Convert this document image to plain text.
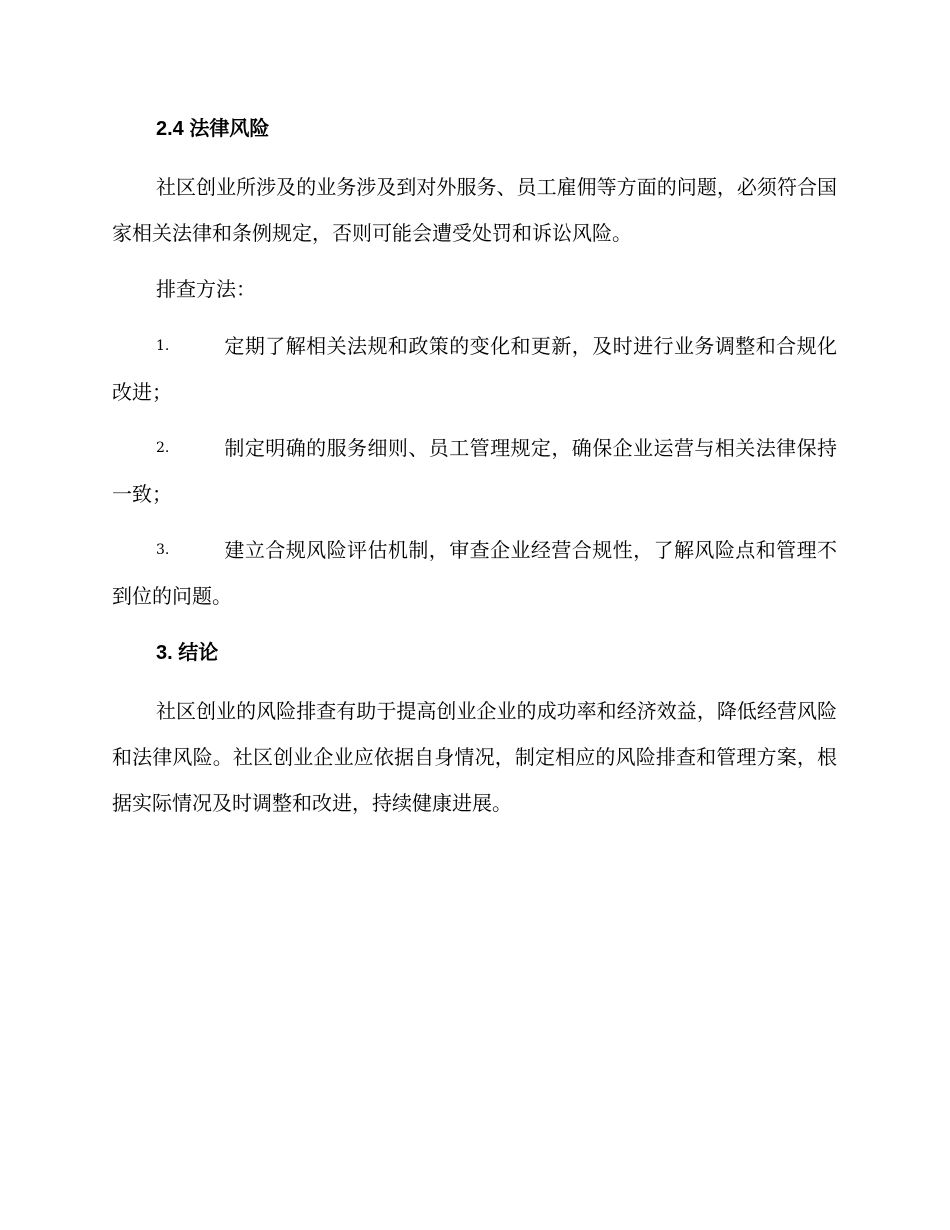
2.4 法律风险

社区创业所涉及的业务涉及到对外服务、员工雇佣等方面的问题，必须符合国家相关法律和条例规定，否则可能会遭受处罚和诉讼风险。

排查方法：

1.	定期了解相关法规和政策的变化和更新，及时进行业务调整和合规化改进；

2.	制定明确的服务细则、员工管理规定，确保企业运营与相关法律保持一致；

3.	建立合规风险评估机制，审查企业经营合规性，了解风险点和管理不到位的问题。

3. 结论

社区创业的风险排查有助于提高创业企业的成功率和经济效益，降低经营风险和法律风险。社区创业企业应依据自身情况，制定相应的风险排查和管理方案，根据实际情况及时调整和改进，持续健康进展。
